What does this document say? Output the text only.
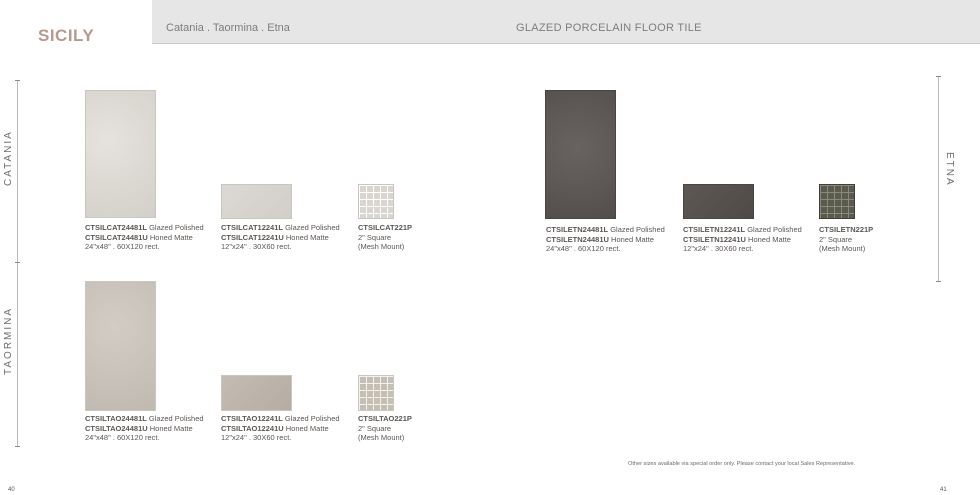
SICILY	Catania . Taormina . Etna	GLAZED PORCELAIN FLOOR TILE
CATANIA
TAORMINA
ETNA
CTSILCAT24481L Glazed Polished
CTSILCAT24481U Honed Matte
24"x48" . 60X120 rect.
CTSILCAT12241L Glazed Polished
CTSILCAT12241U Honed Matte
12"x24" . 30X60 rect.
CTSILCAT221P
2" Square
(Mesh Mount)
CTSILTAO24481L Glazed Polished
CTSILTAO24481U Honed Matte
24"x48" . 60X120 rect.
CTSILTAO12241L Glazed Polished
CTSILTAO12241U Honed Matte
12"x24" . 30X60 rect.
CTSILTAO221P
2" Square
(Mesh Mount)
CTSILETN24481L Glazed Polished
CTSILETN24481U Honed Matte
24"x48" . 60X120 rect.
CTSILETN12241L Glazed Polished
CTSILETN12241U Honed Matte
12"x24" . 30X60 rect.
CTSILETN221P
2" Square
(Mesh Mount)
Other sizes available via special order only. Please contact your local Sales Representative.
40	41
